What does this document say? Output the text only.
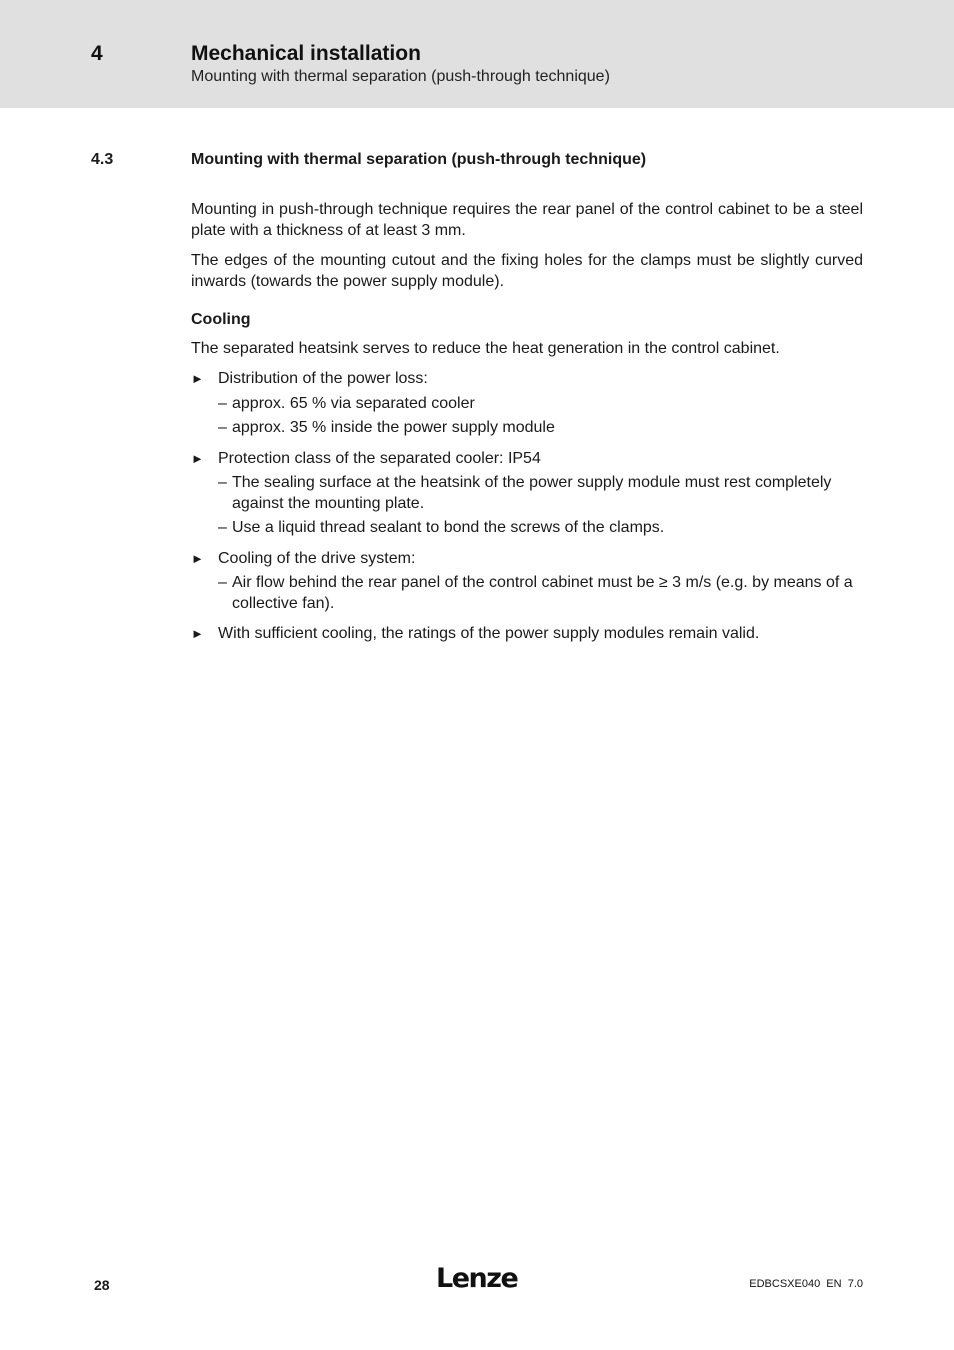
4	Mechanical installation
Mounting with thermal separation (push-through technique)
4.3	Mounting with thermal separation (push-through technique)

Mounting in push-through technique requires the rear panel of the control cabinet to be a steel plate with a thickness of at least 3 mm.

The edges of the mounting cutout and the fixing holes for the clamps must be slightly curved inwards (towards the power supply module).

Cooling

The separated heatsink serves to reduce the heat generation in the control cabinet.

► Distribution of the power loss:
– approx. 65 % via separated cooler
– approx. 35 % inside the power supply module
► Protection class of the separated cooler: IP54
– The sealing surface at the heatsink of the power supply module must rest completely against the mounting plate.
– Use a liquid thread sealant to bond the screws of the clamps.
► Cooling of the drive system:
– Air flow behind the rear panel of the control cabinet must be ≥ 3 m/s (e.g. by means of a collective fan).
► With sufficient cooling, the ratings of the power supply modules remain valid.
28	Lenze	EDBCSXE040  EN  7.0
